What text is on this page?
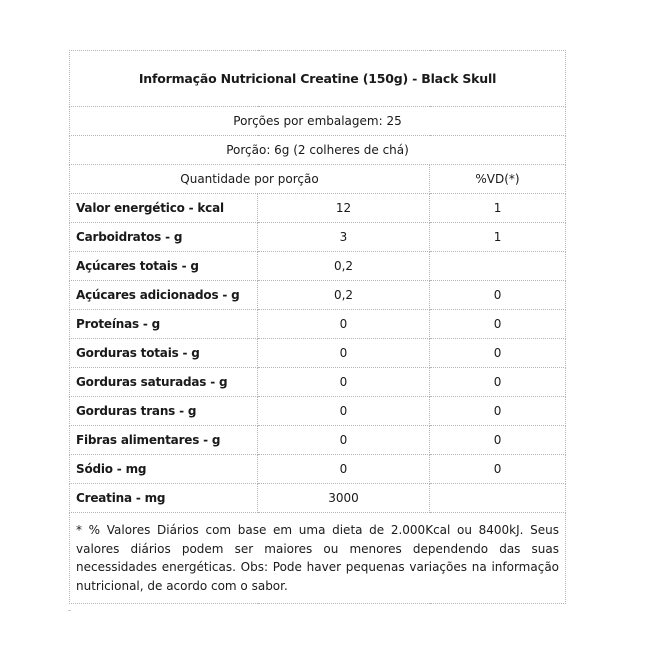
Informação Nutricional Creatine (150g) - Black Skull		
Porções por embalagem: 25		
Porção: 6g (2 colheres de chá)		
Quantidade por porção		%VD(*)
Valor energético - kcal	12	1
Carboidratos - g	3	1
Açúcares totais - g	0,2	
Açúcares adicionados - g	0,2	0
Proteínas - g	0	0
Gorduras totais - g	0	0
Gorduras saturadas - g	0	0
Gorduras trans - g	0	0
Fibras alimentares - g	0	0
Sódio - mg	0	0
Creatina - mg	3000	
* % Valores Diários com base em uma dieta de 2.000Kcal ou 8400kJ. Seus valores diários podem ser maiores ou menores dependendo das suas necessidades energéticas. Obs: Pode haver pequenas variações na informação nutricional, de acordo com o sabor.		
